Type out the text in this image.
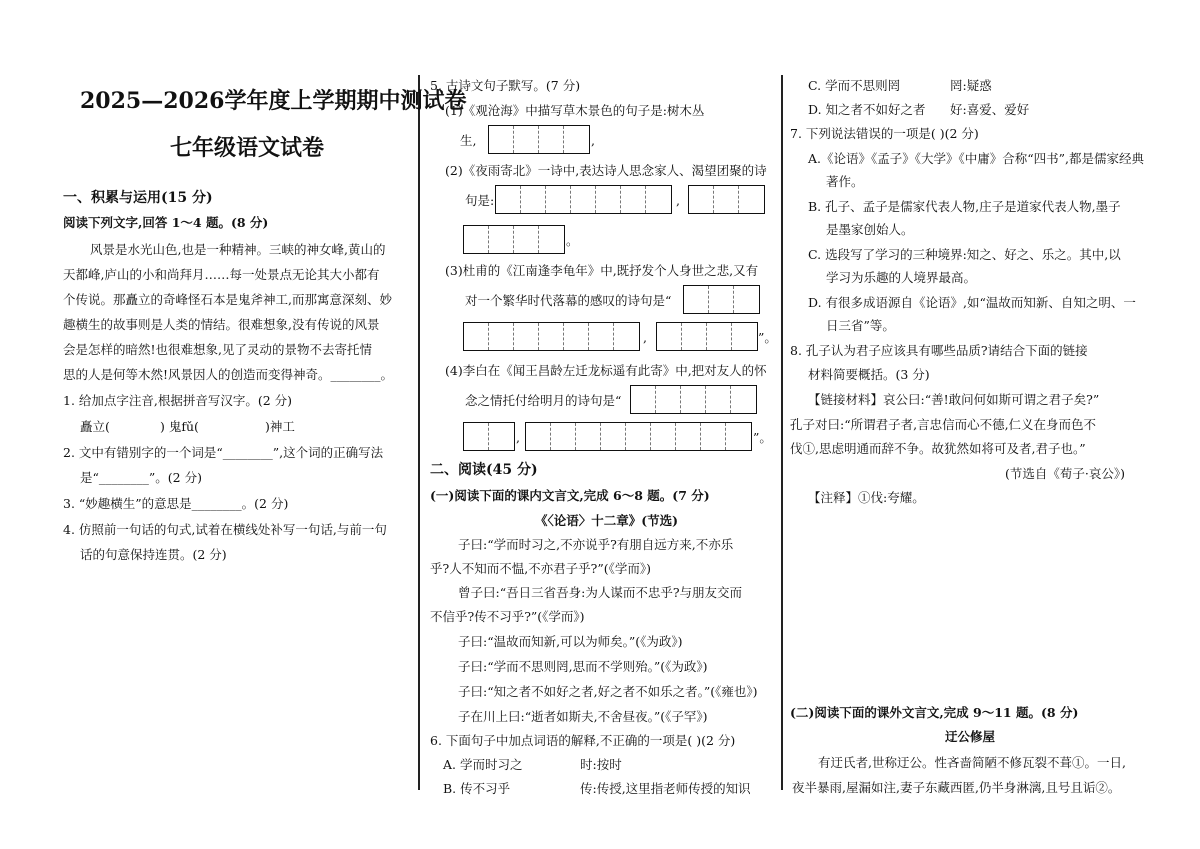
2025—2026学年度上学期期中测试卷
七年级语文试卷
一、积累与运用(15 分)
阅读下列文字,回答 1～4 题。(8 分)
风景是水光山色,也是一种精神。三峡的神女峰,黄山的
天都峰,庐山的小和尚拜月……每一处景点无论其大小都有
个传说。那矗立的奇峰怪石本是鬼斧神工,而那寓意深刻、妙
趣横生的故事则是人类的情结。很难想象,没有传说的风景
会是怎样的暗然!也很难想象,见了灵动的景物不去寄托情
思的人是何等木然!风景因人的创造而变得神奇。________。
1. 给加点字注音,根据拼音写汉字。(2 分)
矗立(	) 鬼fǔ(	)神工
2. 文中有错别字的一个词是“________”,这个词的正确写法
是“________”。(2 分)
3. “妙趣横生”的意思是________。(2 分)
4. 仿照前一句话的句式,试着在横线处补写一句话,与前一句
话的句意保持连贯。(2 分)
5. 古诗文句子默写。(7 分)
(1)《观沧海》中描写草木景色的句子是:树木丛
生,	,
(2)《夜雨寄北》一诗中,表达诗人思念家人、渴望团聚的诗
句是:	,
。
(3)杜甫的《江南逢李龟年》中,既抒发个人身世之悲,又有
对一个繁华时代落幕的感叹的诗句是“
,	”。
(4)李白在《闻王昌龄左迁龙标遥有此寄》中,把对友人的怀
念之情托付给明月的诗句是“
,	”。
二、阅读(45 分)
(一)阅读下面的课内文言文,完成 6～8 题。(7 分)
《〈论语〉十二章》(节选)
子曰:“学而时习之,不亦说乎?有朋自远方来,不亦乐
乎?人不知而不愠,不亦君子乎?”(《学而》)
曾子曰:“吾日三省吾身:为人谋而不忠乎?与朋友交而
不信乎?传不习乎?”(《学而》)
子曰:“温故而知新,可以为师矣。”(《为政》)
子曰:“学而不思则罔,思而不学则殆。”(《为政》)
子曰:“知之者不如好之者,好之者不如乐之者。”(《雍也》)
子在川上曰:“逝者如斯夫,不舍昼夜。”(《子罕》)
6. 下面句子中加点词语的解释,不正确的一项是( )(2 分)
A. 学而时习之	时:按时
B. 传不习乎	传:传授,这里指老师传授的知识
C. 学而不思则罔	罔:疑惑
D. 知之者不如好之者 好:喜爱、爱好
7. 下列说法错误的一项是( )(2 分)
A.《论语》《孟子》《大学》《中庸》合称“四书”,都是儒家经典
著作。
B. 孔子、孟子是儒家代表人物,庄子是道家代表人物,墨子
是墨家创始人。
C. 选段写了学习的三种境界:知之、好之、乐之。其中,以
学习为乐趣的人境界最高。
D. 有很多成语源自《论语》,如“温故而知新、自知之明、一
日三省”等。
8. 孔子认为君子应该具有哪些品质?请结合下面的链接
材料简要概括。(3 分)
【链接材料】哀公曰:“善!敢问何如斯可谓之君子矣?”
孔子对曰:“所谓君子者,言忠信而心不德,仁义在身而色不
伐①,思虑明通而辞不争。故犹然如将可及者,君子也。”
(节选自《荀子·哀公》)
【注释】①伐:夸耀。
(二)阅读下面的课外文言文,完成 9～11 题。(8 分)
迂公修屋
有迂氏者,世称迂公。性吝啬简陋不修瓦裂不葺①。一日,
夜半暴雨,屋漏如注,妻子东藏西匿,仍半身淋漓,且号且诟②。
